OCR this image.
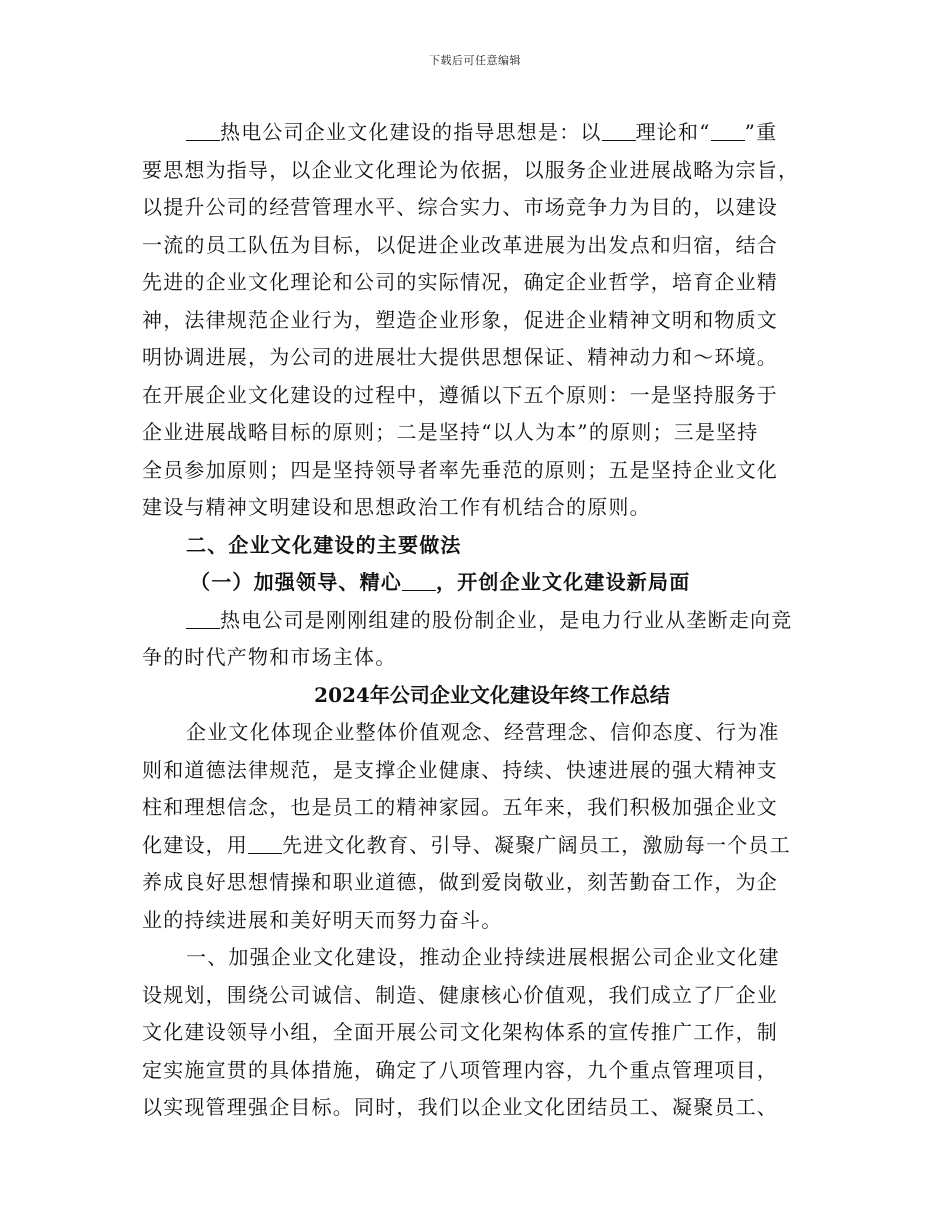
下载后可任意编辑
热电公司企业文化建设的指导思想是：以 理论和“ ”重
要思想为指导，以企业文化理论为依据，以服务企业进展战略为宗旨，
以提升公司的经营管理水平、综合实力、市场竞争力为目的，以建设
一流的员工队伍为目标，以促进企业改革进展为出发点和归宿，结合
先进的企业文化理论和公司的实际情况，确定企业哲学，培育企业精
神，法律规范企业行为，塑造企业形象，促进企业精神文明和物质文
明协调进展，为公司的进展壮大提供思想保证、精神动力和～环境。
在开展企业文化建设的过程中，遵循以下五个原则：一是坚持服务于
企业进展战略目标的原则；二是坚持“以人为本”的原则；三是坚持
全员参加原则；四是坚持领导者率先垂范的原则；五是坚持企业文化
建设与精神文明建设和思想政治工作有机结合的原则。
二、企业文化建设的主要做法
（一）加强领导、精心 ，开创企业文化建设新局面
热电公司是刚刚组建的股份制企业，是电力行业从垄断走向竞
争的时代产物和市场主体。
2024年公司企业文化建设年终工作总结
企业文化体现企业整体价值观念、经营理念、信仰态度、行为准
则和道德法律规范，是支撑企业健康、持续、快速进展的强大精神支
柱和理想信念，也是员工的精神家园。五年来，我们积极加强企业文
化建设，用 先进文化教育、引导、凝聚广阔员工，激励每一个员工
养成良好思想情操和职业道德，做到爱岗敬业，刻苦勤奋工作，为企
业的持续进展和美好明天而努力奋斗。
一、加强企业文化建设，推动企业持续进展根据公司企业文化建
设规划，围绕公司诚信、制造、健康核心价值观，我们成立了厂企业
文化建设领导小组，全面开展公司文化架构体系的宣传推广工作，制
定实施宣贯的具体措施，确定了八项管理内容，九个重点管理项目，
以实现管理强企目标。同时，我们以企业文化团结员工、凝聚员工、
